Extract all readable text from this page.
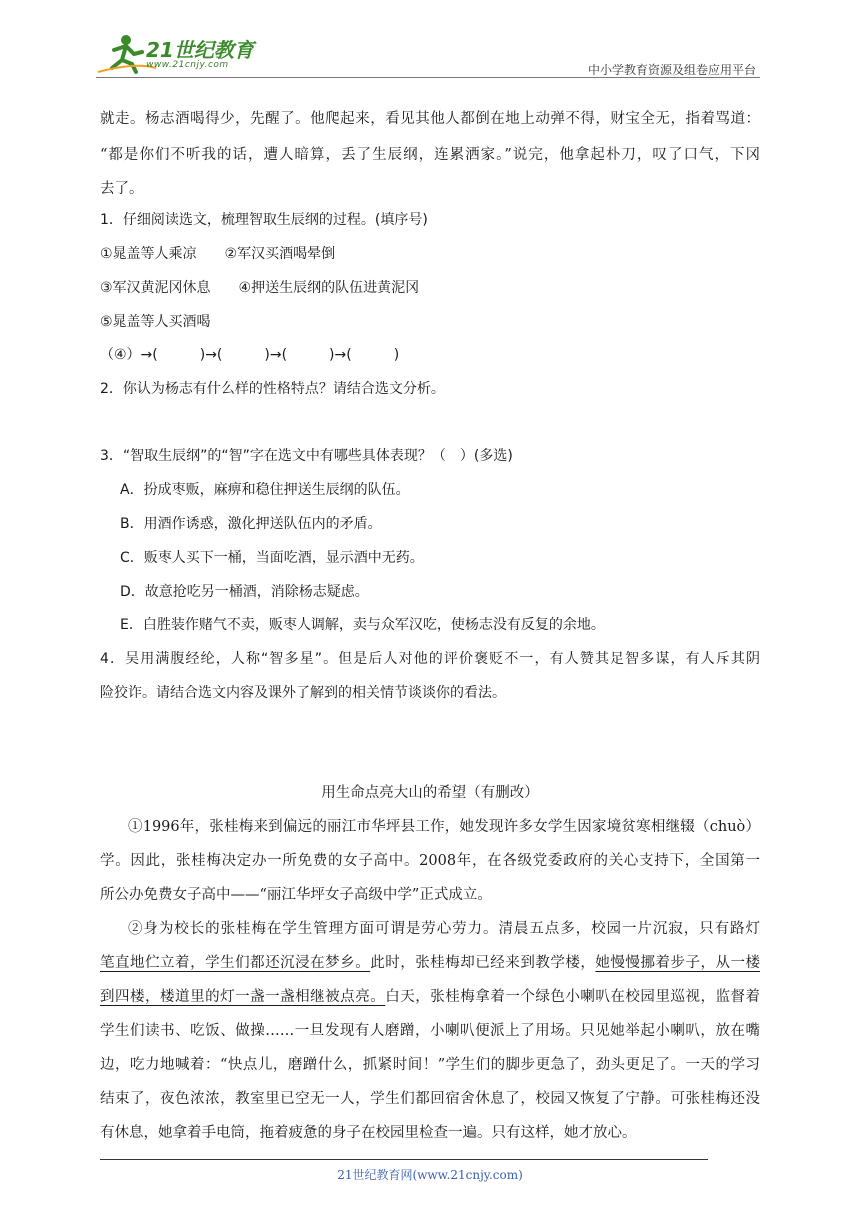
21世纪教育
www.21cnjy.com	中小学教育资源及组卷应用平台
就走。杨志酒喝得少，先醒了。他爬起来，看见其他人都倒在地上动弹不得，财宝全无，指着骂道：
“都是你们不听我的话，遭人暗算，丢了生辰纲，连累洒家。”说完，他拿起朴刀，叹了口气，下冈
去了。
1．仔细阅读选文，梳理智取生辰纲的过程。(填序号)
①晁盖等人乘凉　　②军汉买酒喝晕倒
③军汉黄泥冈休息　　④押送生辰纲的队伍进黄泥冈
⑤晁盖等人买酒喝
（④）→(　　　)→(　　　)→(　　　)→(　　　)
2．你认为杨志有什么样的性格特点？请结合选文分析。
3．“智取生辰纲”的“智”字在选文中有哪些具体表现？（　）(多选)
A．扮成枣贩，麻痹和稳住押送生辰纲的队伍。
B．用酒作诱惑，激化押送队伍内的矛盾。
C．贩枣人买下一桶，当面吃酒，显示酒中无药。
D．故意抢吃另一桶酒，消除杨志疑虑。
E．白胜装作赌气不卖，贩枣人调解，卖与众军汉吃，使杨志没有反复的余地。
4．吴用满腹经纶，人称“智多星”。但是后人对他的评价褒贬不一，有人赞其足智多谋，有人斥其阴
险狡诈。请结合选文内容及课外了解到的相关情节谈谈你的看法。
用生命点亮大山的希望（有删改）
①1996年，张桂梅来到偏远的丽江市华坪县工作，她发现许多女学生因家境贫寒相继辍（chuò）
学。因此，张桂梅决定办一所免费的女子高中。2008年，在各级党委政府的关心支持下，全国第一
所公办免费女子高中——“丽江华坪女子高级中学”正式成立。
②身为校长的张桂梅在学生管理方面可谓是劳心劳力。清晨五点多，校园一片沉寂，只有路灯
笔直地伫立着，学生们都还沉浸在梦乡。此时，张桂梅却已经来到教学楼，她慢慢挪着步子，从一楼
到四楼，楼道里的灯一盏一盏相继被点亮。白天，张桂梅拿着一个绿色小喇叭在校园里巡视，监督着
学生们读书、吃饭、做操……一旦发现有人磨蹭，小喇叭便派上了用场。只见她举起小喇叭，放在嘴
边，吃力地喊着：“快点儿，磨蹭什么，抓紧时间！”学生们的脚步更急了，劲头更足了。一天的学习
结束了，夜色浓浓，教室里已空无一人，学生们都回宿舍休息了，校园又恢复了宁静。可张桂梅还没
有休息，她拿着手电筒，拖着疲惫的身子在校园里检查一遍。只有这样，她才放心。
21世纪教育网(www.21cnjy.com)
